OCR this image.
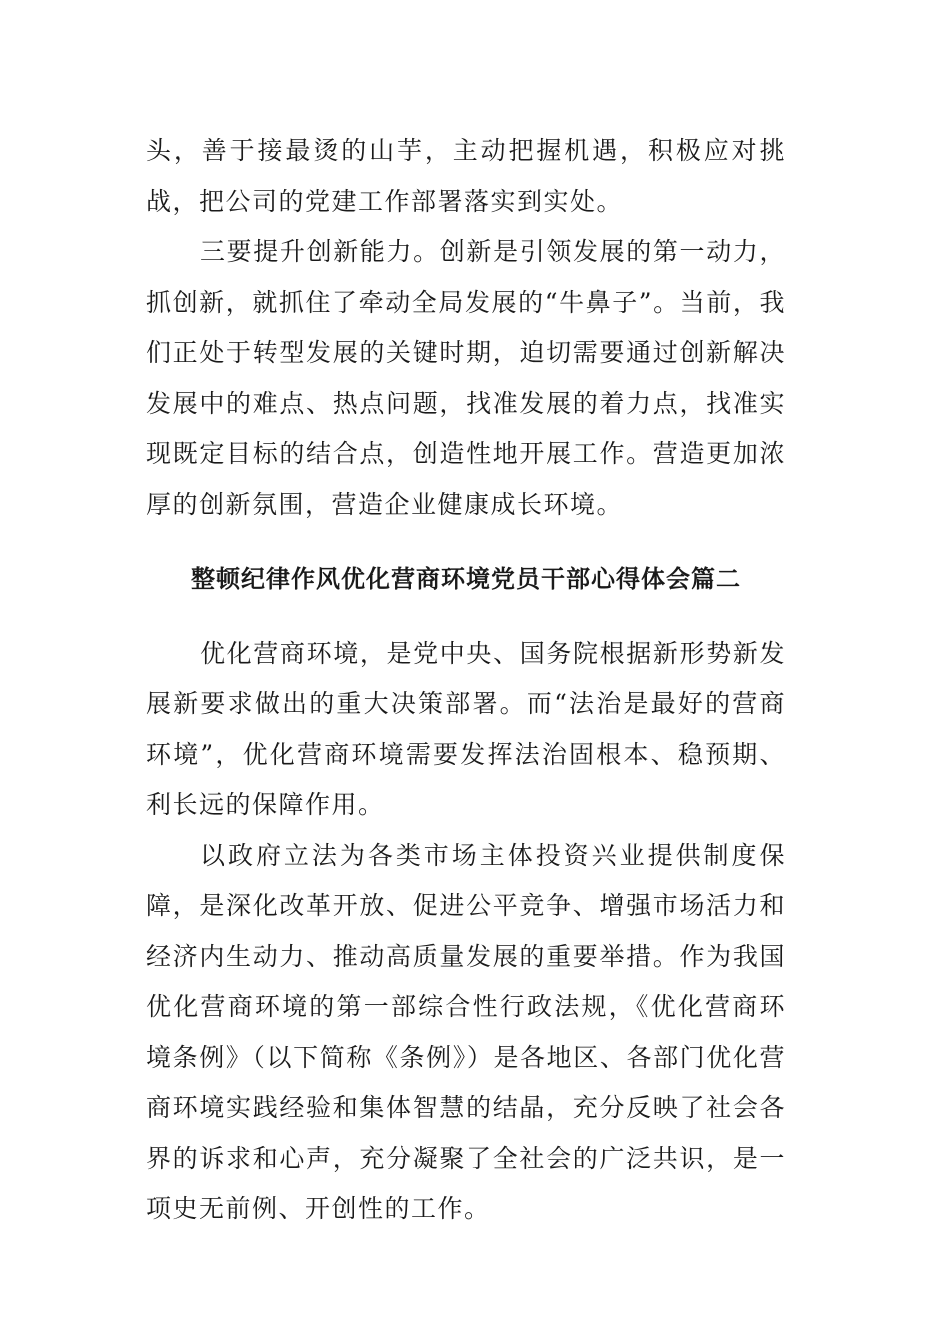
头，善于接最烫的山芋，主动把握机遇，积极应对挑战，把公司的党建工作部署落实到实处。

三要提升创新能力。创新是引领发展的第一动力，抓创新，就抓住了牵动全局发展的“牛鼻子”。当前，我们正处于转型发展的关键时期，迫切需要通过创新解决发展中的难点、热点问题，找准发展的着力点，找准实现既定目标的结合点，创造性地开展工作。营造更加浓厚的创新氛围，营造企业健康成长环境。

整顿纪律作风优化营商环境党员干部心得体会篇二

优化营商环境，是党中央、国务院根据新形势新发展新要求做出的重大决策部署。而“法治是最好的营商环境”，优化营商环境需要发挥法治固根本、稳预期、利长远的保障作用。

以政府立法为各类市场主体投资兴业提供制度保障，是深化改革开放、促进公平竞争、增强市场活力和经济内生动力、推动高质量发展的重要举措。作为我国优化营商环境的第一部综合性行政法规，《优化营商环境条例》（以下简称《条例》）是各地区、各部门优化营商环境实践经验和集体智慧的结晶，充分反映了社会各界的诉求和心声，充分凝聚了全社会的广泛共识，是一项史无前例、开创性的工作。
